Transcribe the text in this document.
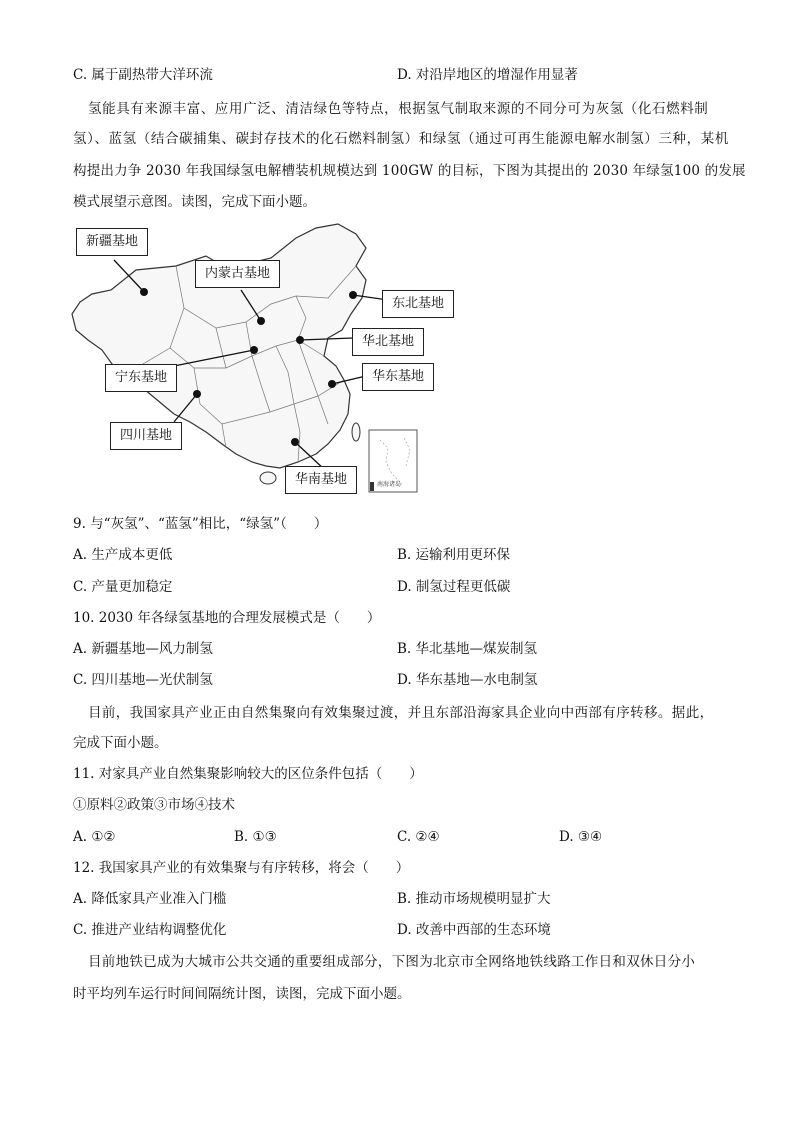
C. 属于副热带大洋环流	D. 对沿岸地区的增湿作用显著
氢能具有来源丰富、应用广泛、清洁绿色等特点，根据氢气制取来源的不同分可为灰氢（化石燃料制
氢）、蓝氢（结合碳捕集、碳封存技术的化石燃料制氢）和绿氢（通过可再生能源电解水制氢）三种，某机
构提出力争 2030 年我国绿氢电解槽装机规模达到 100GW 的目标，下图为其提出的 2030 年绿氢100 的发展
模式展望示意图。读图，完成下面小题。
南海诸岛
新疆基地
内蒙古基地
东北基地
华北基地
宁东基地	华东基地
四川基地
华南基地
9. 与“灰氢”、“蓝氢”相比，“绿氢”（　　）
A. 生产成本更低	B. 运输利用更环保
C. 产量更加稳定	D. 制氢过程更低碳
10. 2030 年各绿氢基地的合理发展模式是（　　）
A. 新疆基地—风力制氢	B. 华北基地—煤炭制氢
C. 四川基地—光伏制氢	D. 华东基地—水电制氢
目前，我国家具产业正由自然集聚向有效集聚过渡，并且东部沿海家具企业向中西部有序转移。据此，
完成下面小题。
11. 对家具产业自然集聚影响较大的区位条件包括（　　）
①原料②政策③市场④技术
A. ①②	B. ①③	C. ②④	D. ③④
12. 我国家具产业的有效集聚与有序转移，将会（　　）
A. 降低家具产业准入门槛	B. 推动市场规模明显扩大
C. 推进产业结构调整优化	D. 改善中西部的生态环境
目前地铁已成为大城市公共交通的重要组成部分，下图为北京市全网络地铁线路工作日和双休日分小
时平均列车运行时间间隔统计图，读图，完成下面小题。
